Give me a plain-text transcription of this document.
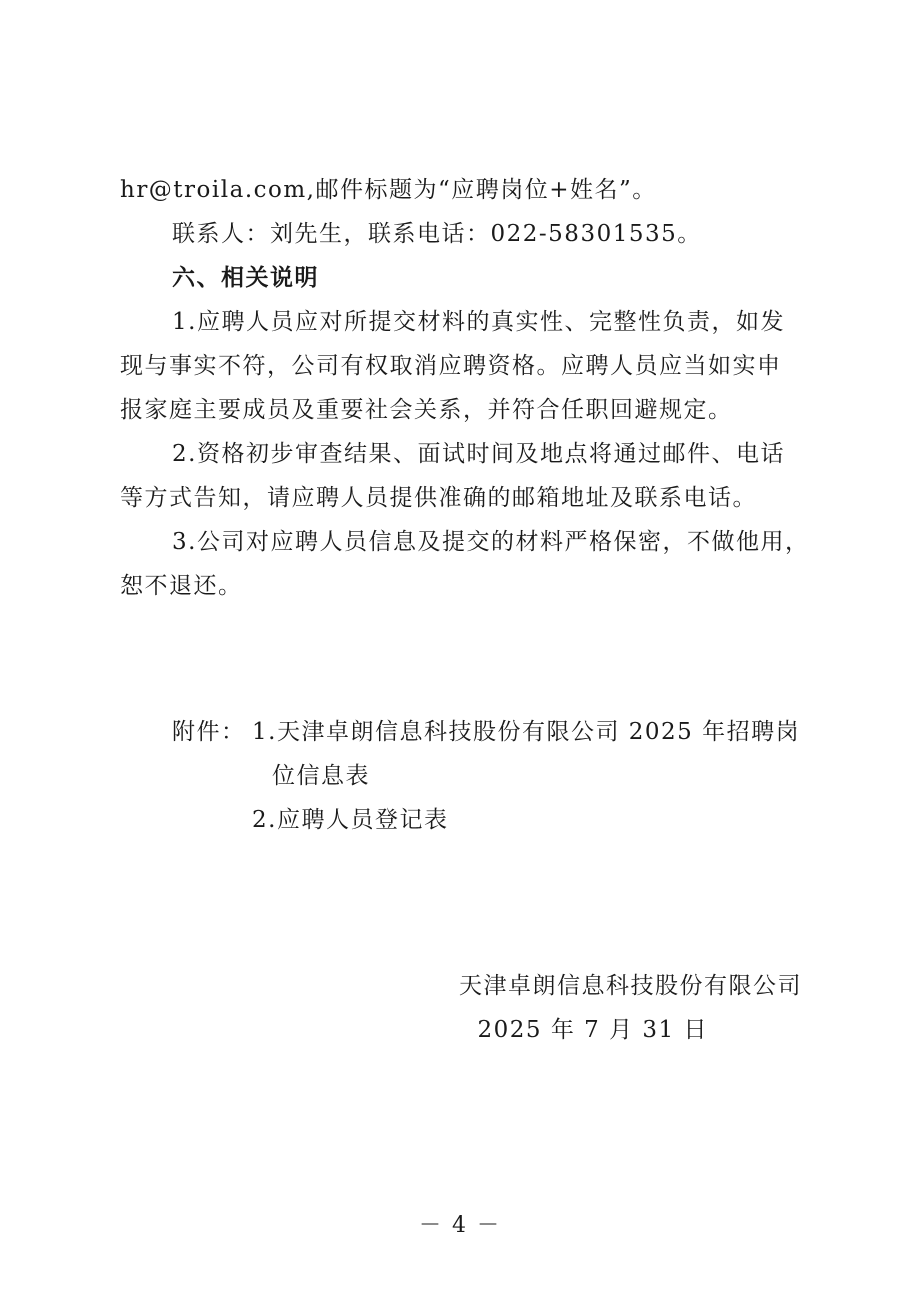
hr@troila.com,邮件标题为“应聘岗位+姓名”。
联系人：刘先生，联系电话：022-58301535。
六、相关说明
1.应聘人员应对所提交材料的真实性、完整性负责，如发
现与事实不符，公司有权取消应聘资格。应聘人员应当如实申
报家庭主要成员及重要社会关系，并符合任职回避规定。
2.资格初步审查结果、面试时间及地点将通过邮件、电话
等方式告知，请应聘人员提供准确的邮箱地址及联系电话。
3.公司对应聘人员信息及提交的材料严格保密，不做他用，
恕不退还。
附件： 1.天津卓朗信息科技股份有限公司 2025 年招聘岗
位信息表
2.应聘人员登记表
天津卓朗信息科技股份有限公司
2025 年 7 月 31 日
－ 4 －
